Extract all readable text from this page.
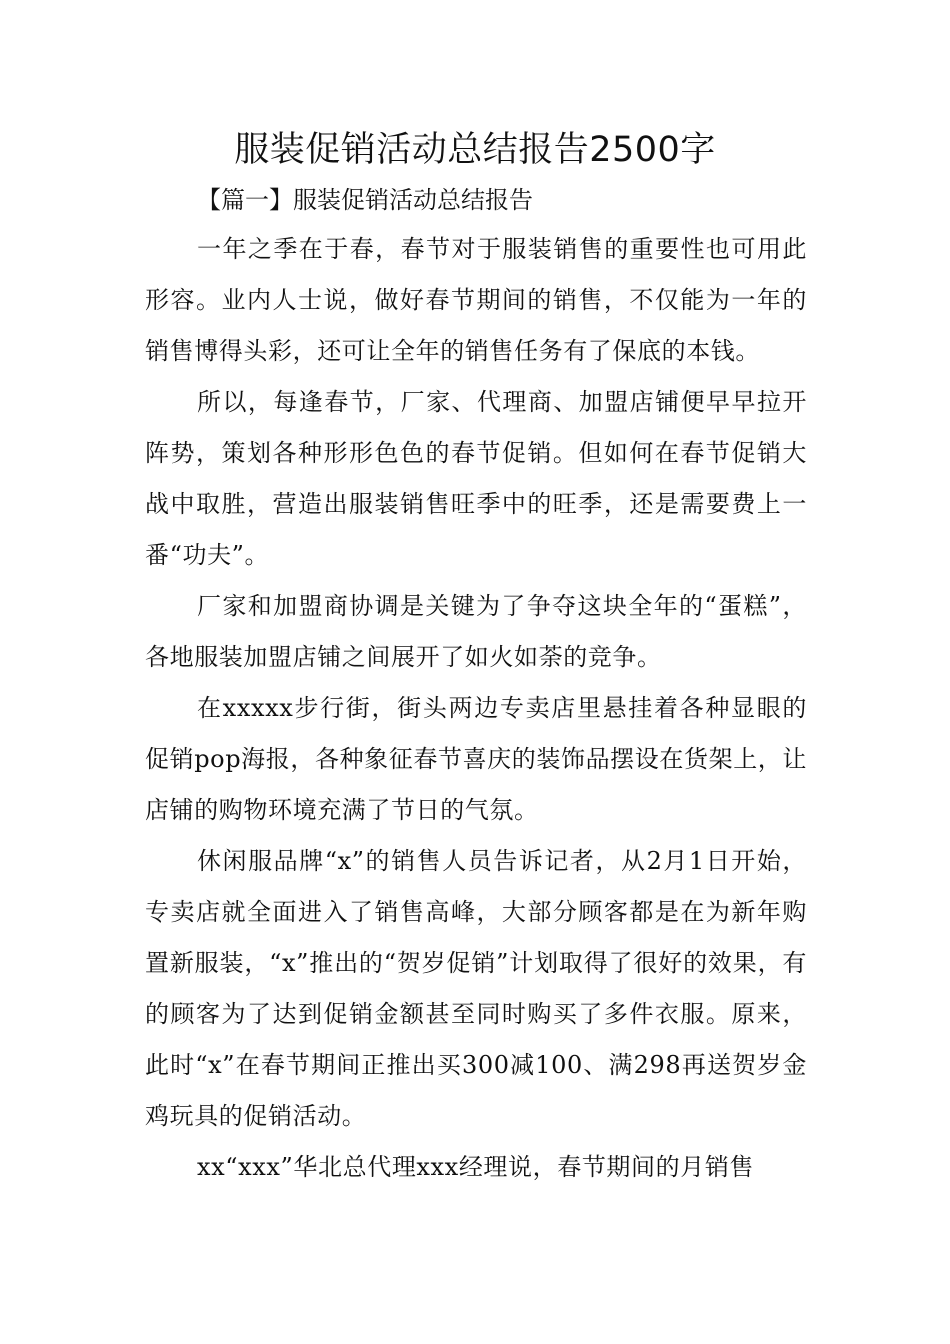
服装促销活动总结报告2500字
【篇一】服装促销活动总结报告

一年之季在于春，春节对于服装销售的重要性也可用此形容。业内人士说，做好春节期间的销售，不仅能为一年的销售博得头彩，还可让全年的销售任务有了保底的本钱。

所以，每逢春节，厂家、代理商、加盟店铺便早早拉开阵势，策划各种形形色色的春节促销。但如何在春节促销大战中取胜，营造出服装销售旺季中的旺季，还是需要费上一番“功夫”。

厂家和加盟商协调是关键为了争夺这块全年的“蛋糕”，各地服装加盟店铺之间展开了如火如荼的竞争。

在xxxxx步行街，街头两边专卖店里悬挂着各种显眼的促销pop海报，各种象征春节喜庆的装饰品摆设在货架上，让店铺的购物环境充满了节日的气氛。

休闲服品牌“x”的销售人员告诉记者，从2月1日开始，专卖店就全面进入了销售高峰，大部分顾客都是在为新年购置新服装，“x”推出的“贺岁促销”计划取得了很好的效果，有的顾客为了达到促销金额甚至同时购买了多件衣服。原来，此时“x”在春节期间正推出买300减100、满298再送贺岁金鸡玩具的促销活动。

xx“xxx”华北总代理xxx经理说，春节期间的月销售
